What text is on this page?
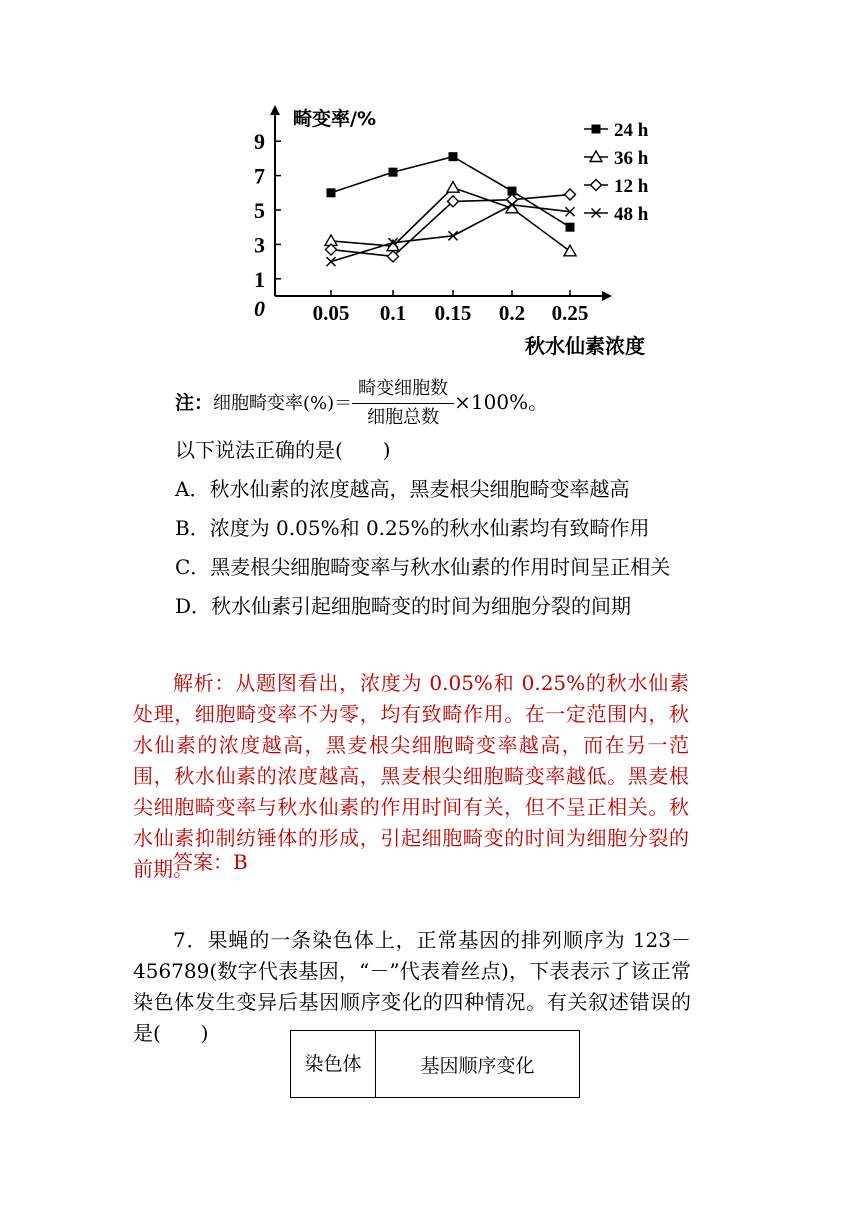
1
3
5
7
9
0
畸变率/%
0.05 0.1 0.15 0.2 0.25
秋水仙素浓度
24 h
36 h
12 h
48 h
注：细胞畸变率(%)＝ $\frac{\text{畸变细胞数}}{\text{细胞总数}} \times 100\%$。
以下说法正确的是(　　)
A．秋水仙素的浓度越高，黑麦根尖细胞畸变率越高
B．浓度为 0.05%和 0.25%的秋水仙素均有致畸作用
C．黑麦根尖细胞畸变率与秋水仙素的作用时间呈正相关
D．秋水仙素引起细胞畸变的时间为细胞分裂的间期
解析：从题图看出，浓度为 0.05%和 0.25%的秋水仙素处理，细胞畸变率不为零，均有致畸作用。在一定范围内，秋水仙素的浓度越高，黑麦根尖细胞畸变率越高，而在另一范围，秋水仙素的浓度越高，黑麦根尖细胞畸变率越低。黑麦根尖细胞畸变率与秋水仙素的作用时间有关，但不呈正相关。秋水仙素抑制纺锤体的形成，引起细胞畸变的时间为细胞分裂的前期。
答案：B
7．果蝇的一条染色体上，正常基因的排列顺序为 123－456789(数字代表基因，“－”代表着丝点)，下表表示了该正常染色体发生变异后基因顺序变化的四种情况。有关叙述错误的是(　　)
染色体	基因顺序变化
